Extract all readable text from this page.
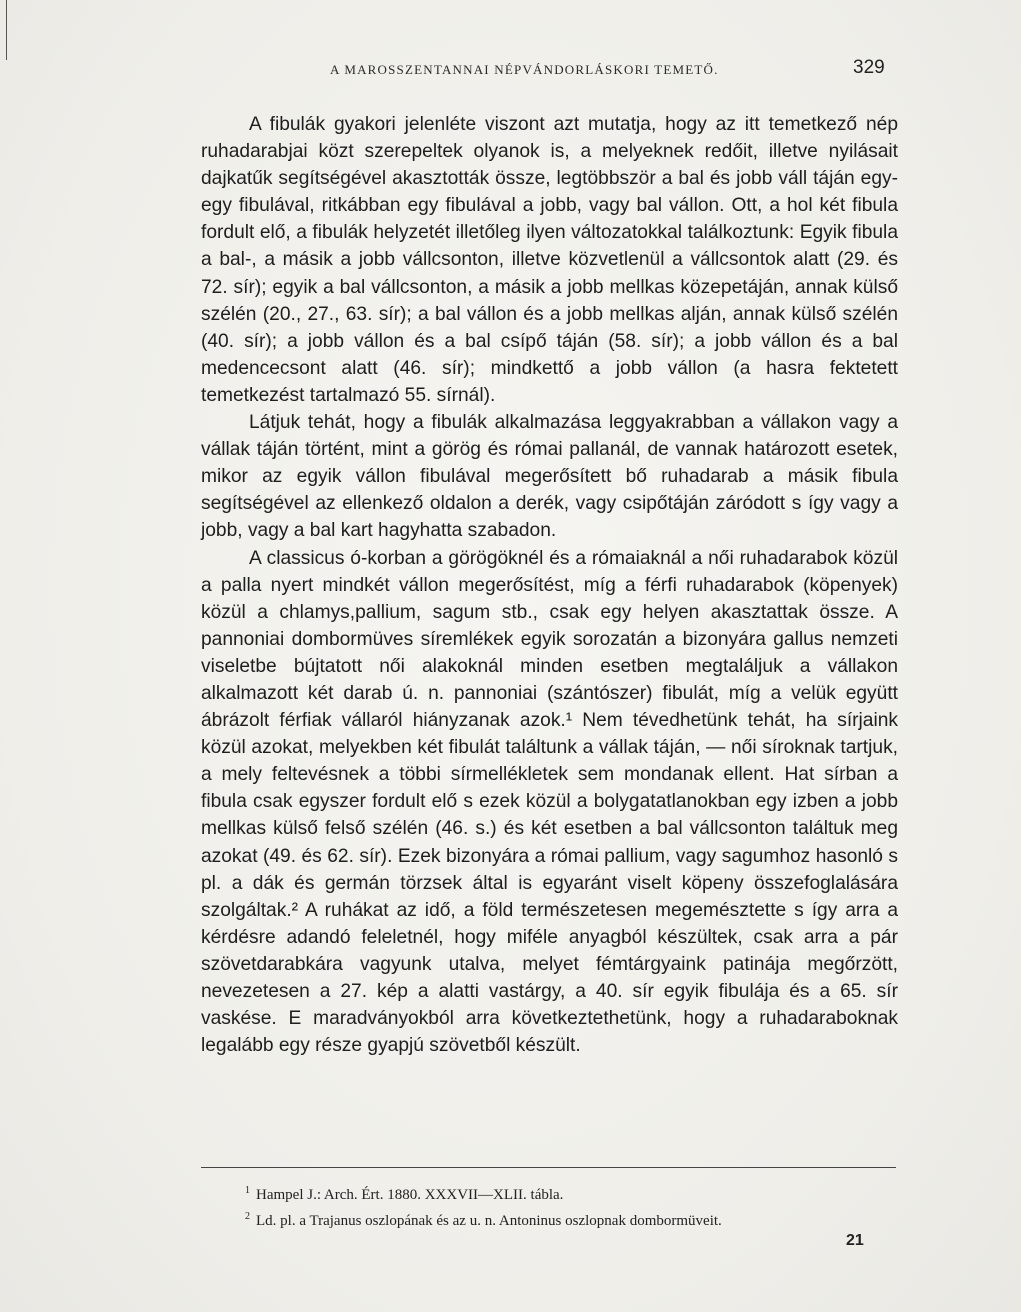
A MAROSSZENTANNAI NÉPVÁNDORLÁSKORI TEMETŐ.	329

A fibulák gyakori jelenléte viszont azt mutatja, hogy az itt temetkező nép ruhadarabjai közt szerepeltek olyanok is, a melyeknek redőit, illetve nyilásait dajkatűk segítségével akasztották össze, legtöbbször a bal és jobb váll táján egy-egy fibulával, ritkábban egy fibulával a jobb, vagy bal vállon. Ott, a hol két fibula fordult elő, a fibulák helyzetét illetőleg ilyen változatokkal találkoztunk: Egyik fibula a bal-, a másik a jobb vállcsonton, illetve közvetlenül a vállcsontok alatt (29. és 72. sír); egyik a bal vállcsonton, a másik a jobb mellkas közepetáján, annak külső szélén (20., 27., 63. sír); a bal vállon és a jobb mellkas alján, annak külső szélén (40. sír); a jobb vállon és a bal csípő táján (58. sír); a jobb vállon és a bal medencecsont alatt (46. sír); mindkettő a jobb vállon (a hasra fektetett temetkezést tartalmazó 55. sírnál).

Látjuk tehát, hogy a fibulák alkalmazása leggyakrabban a vállakon vagy a vállak táján történt, mint a görög és római pallanál, de vannak határozott esetek, mikor az egyik vállon fibulával megerősített bő ruhadarab a másik fibula segítségével az ellenkező oldalon a derék, vagy csipőtáján záródott s így vagy a jobb, vagy a bal kart hagyhatta szabadon.

A classicus ó-korban a görögöknél és a rómaiaknál a női ruhadarabok közül a palla nyert mindkét vállon megerősítést, míg a férfi ruhadarabok (köpenyek) közül a chlamys,pallium, sagum stb., csak egy helyen akasztattak össze. A pannoniai dombormüves síremlékek egyik sorozatán a bizonyára gallus nemzeti viseletbe bújtatott női alakoknál minden esetben megtaláljuk a vállakon alkalmazott két darab ú. n. pannoniai (szántószer) fibulát, míg a velük együtt ábrázolt férfiak vállaról hiányzanak azok.¹ Nem tévedhetünk tehát, ha sírjaink közül azokat, melyekben két fibulát találtunk a vállak táján, — női síroknak tartjuk, a mely feltevésnek a többi sírmellékletek sem mondanak ellent. Hat sírban a fibula csak egyszer fordult elő s ezek közül a bolygatatlanokban egy izben a jobb mellkas külső felső szélén (46. s.) és két esetben a bal vállcsonton találtuk meg azokat (49. és 62. sír). Ezek bizonyára a római pallium, vagy sagumhoz hasonló s pl. a dák és germán törzsek által is egyaránt viselt köpeny összefoglalására szolgáltak.² A ruhákat az idő, a föld természetesen megemésztette s így arra a kérdésre adandó feleletnél, hogy miféle anyagból készültek, csak arra a pár szövetdarabkára vagyunk utalva, melyet fémtárgyaink patinája megőrzött, nevezetesen a 27. kép a alatti vastárgy, a 40. sír egyik fibulája és a 65. sír vaskése. E maradványokból arra következtethetünk, hogy a ruhadaraboknak legalább egy része gyapjú szövetből készült.

$^1$ Hampel J.: Arch. Ért. 1880. XXXVII—XLII. tábla.
$^2$ Ld. pl. a Trajanus oszlopának és az u. n. Antoninus oszlopnak dombormüveit.
21
